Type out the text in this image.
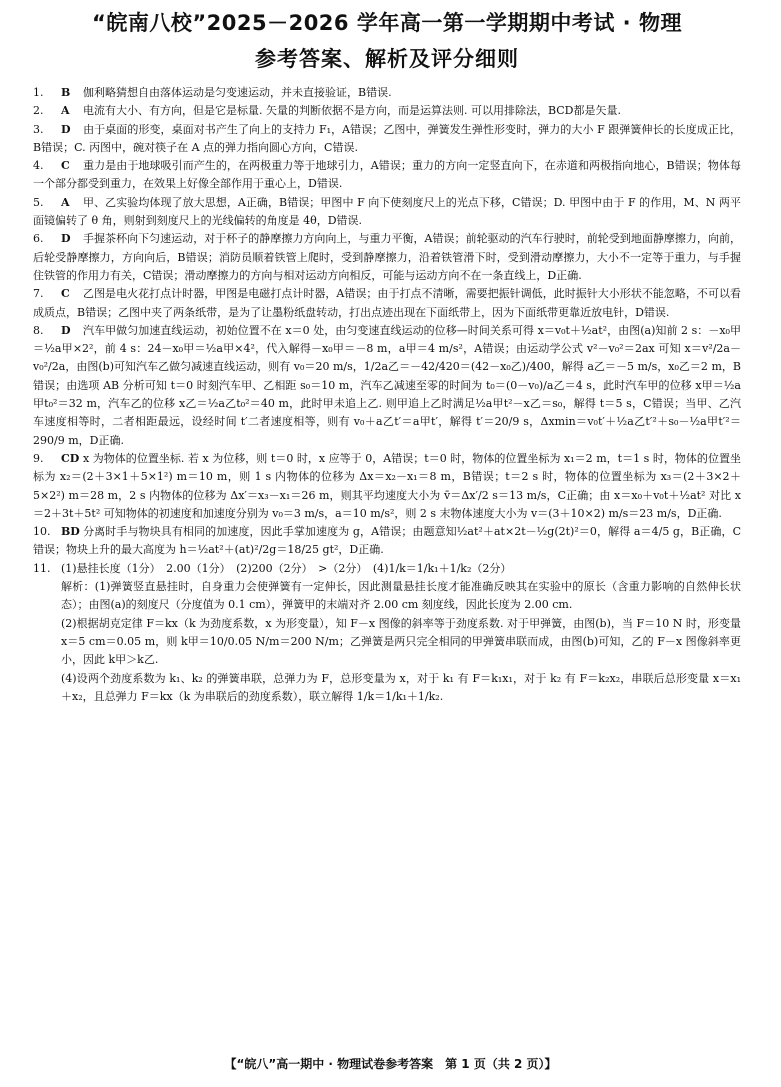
“皖南八校”2025－2026 学年高一第一学期期中考试 · 物理
参考答案、解析及评分细则

1. B 伽利略猜想自由落体运动是匀变速运动，并未直接验证，B错误.

2. A 电流有大小、有方向，但是它是标量. 矢量的判断依据不是方向，而是运算法则. 可以用排除法，BCD都是矢量.

3. D 由于桌面的形变，桌面对书产生了向上的支持力 F₁，A错误；乙图中，弹簧发生弹性形变时，弹力的大小 F 跟弹簧伸长的长度成正比，B错误；C. 丙图中，碗对筷子在 A 点的弹力指向圆心方向，C错误.

4. C 重力是由于地球吸引而产生的，在两极重力等于地球引力，A错误；重力的方向一定竖直向下，在赤道和两极指向地心，B错误；物体每一个部分都受到重力，在效果上好像全部作用于重心上，D错误.

5. A 甲、乙实验均体现了放大思想，A正确，B错误；甲图中 F 向下使刻度尺上的光点下移，C错误；D. 甲图中由于 F 的作用，M、N 两平面镜偏转了 θ 角，则射到刻度尺上的光线偏转的角度是 4θ，D错误.

6. D 手握茶杯向下匀速运动，对于杯子的静摩擦力方向向上，与重力平衡，A错误；前轮驱动的汽车行驶时，前轮受到地面静摩擦力，向前，后轮受静摩擦力，方向向后，B错误；消防员顺着铁管上爬时，受到静摩擦力，沿着铁管滑下时，受到滑动摩擦力，大小不一定等于重力，与手握住铁管的作用力有关，C错误；滑动摩擦力的方向与相对运动方向相反，可能与运动方向不在一条直线上，D正确.

7. C 乙图是电火花打点计时器，甲图是电磁打点计时器，A错误；由于打点不清晰，需要把振针调低，此时振针大小形状不能忽略，不可以看成质点，B错误；乙图中夹了两条纸带，是为了让墨粉纸盘转动，打出点迹出现在下面纸带上，因为下面纸带更靠近放电针，D错误.

8. D 汽车甲做匀加速直线运动，初始位置不在 x＝0 处，由匀变速直线运动的位移—时间关系可得 x＝v₀t＋½at²，由图(a)知前 2 s：－x₀甲＝½a甲×2²，前 4 s：24－x₀甲＝½a甲×4²，代入解得－x₀甲＝－8 m，a甲＝4 m/s²，A错误；由运动学公式 v²－v₀²＝2ax 可知 x＝v²/2a－v₀²/2a，由图(b)可知汽车乙做匀减速直线运动，则有 v₀＝20 m/s，1/2a乙＝－42/420＝(42－x₀乙)/400，解得 a乙＝－5 m/s，x₀乙＝2 m，B错误；由选项 AB 分析可知 t＝0 时刻汽车甲、乙相距 s₀＝10 m，汽车乙减速至零的时间为 t₀＝(0－v₀)/a乙＝4 s，此时汽车甲的位移 x甲＝½a甲t₀²＝32 m，汽车乙的位移 x乙＝½a乙t₀²＝40 m，此时甲未追上乙. 则甲追上乙时满足½a甲t²－x乙＝s₀，解得 t＝5 s，C错误；当甲、乙汽车速度相等时，二者相距最远，设经时间 t′二者速度相等，则有 v₀＋a乙t′＝a甲t′，解得 t′＝20/9 s，Δxmin＝v₀t′＋½a乙t′²＋s₀－½a甲t′²＝290/9 m，D正确.

9. CD x 为物体的位置坐标. 若 x 为位移，则 t＝0 时，x 应等于 0，A错误；t＝0 时，物体的位置坐标为 x₁＝2 m，t＝1 s 时，物体的位置坐标为 x₂＝(2＋3×1＋5×1²) m＝10 m，则 1 s 内物体的位移为 Δx＝x₂－x₁＝8 m，B错误；t＝2 s 时，物体的位置坐标为 x₃＝(2＋3×2＋5×2²) m＝28 m，2 s 内物体的位移为 Δx′＝x₃－x₁＝26 m，则其平均速度大小为 v̄＝Δx′/2 s＝13 m/s，C正确；由 x＝x₀＋v₀t＋½at² 对比 x＝2＋3t＋5t² 可知物体的初速度和加速度分别为 v₀＝3 m/s，a＝10 m/s²，则 2 s 末物体速度大小为 v＝(3＋10×2) m/s＝23 m/s，D正确.

10. BD 分离时手与物块具有相同的加速度，因此手掌加速度为 g，A错误；由题意知½at²＋at×2t－½g(2t)²＝0，解得 a＝4/5 g，B正确，C错误；物块上升的最大高度为 h＝½at²＋(at)²/2g＝18/25 gt²，D正确.

11. (1)悬挂长度（1分）　2.00（1分）　(2)200（2分）　>（2分）　(4)1/k＝1/k₁＋1/k₂（2分）

解析：(1)弹簧竖直悬挂时，自身重力会使弹簧有一定伸长，因此测量悬挂长度才能准确反映其在实验中的原长（含重力影响的自然伸长状态）；由图(a)的刻度尺（分度值为 0.1 cm），弹簧甲的末端对齐 2.00 cm 刻度线，因此长度为 2.00 cm.

(2)根据胡克定律 F＝kx（k 为劲度系数，x 为形变量），知 F－x 图像的斜率等于劲度系数. 对于甲弹簧，由图(b)，当 F＝10 N 时，形变量 x＝5 cm＝0.05 m，则 k甲＝10/0.05 N/m＝200 N/m；乙弹簧是两只完全相同的甲弹簧串联而成，由图(b)可知，乙的 F－x 图像斜率更小，因此 k甲＞k乙.

(4)设两个劲度系数为 k₁、k₂ 的弹簧串联，总弹力为 F，总形变量为 x，对于 k₁ 有 F＝k₁x₁，对于 k₂ 有 F＝k₂x₂，串联后总形变量 x＝x₁＋x₂，且总弹力 F＝kx（k 为串联后的劲度系数），联立解得 1/k＝1/k₁＋1/k₂.

【“皖八”高一期中 · 物理试卷参考答案　第 1 页（共 2 页）】
